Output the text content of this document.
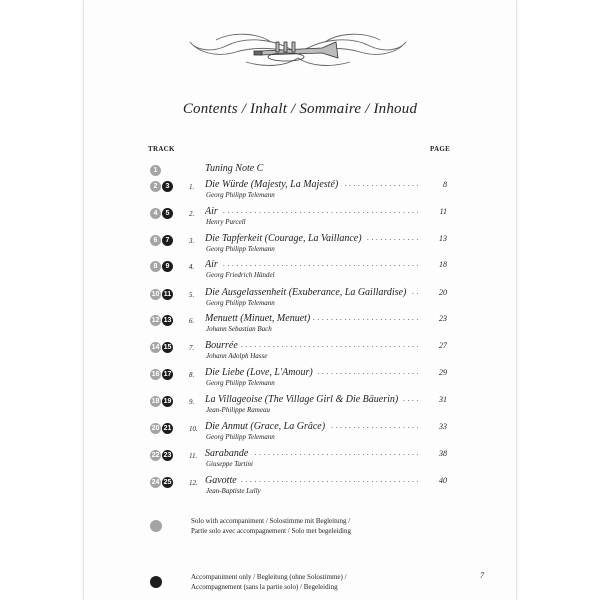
Contents / Inhalt / Sommaire / Inhoud
TRACK	PAGE
1	Tuning Note C
2	3	1. Die Würde (Majesty, La Majesté) . . .	8
Georg Philipp Telemann
4	5	2. Air . . .	11
Henry Purcell
6	7	3. Die Tapferkeit (Courage, La Vaillance) . . .	13
Georg Philipp Telemann
8	9	4. Air . . .	18
Georg Friedrich Händel
10 11	5. Die Ausgelassenheit (Exuberance, La Gaillardise) . . .	20
Georg Philipp Telemann
12 13	6. Menuett (Minuet, Menuet) . . .	23
Johann Sebastian Bach
14 15	7. Bourrée . . .	27
Johann Adolph Hasse
16 17	8. Die Liebe (Love, L'Amour) . . .	29
Georg Philipp Telemann
18 19	9. La Villageoise (The Village Girl & Die Bäuerin) . . .	31
Jean-Philippe Rameau
20 21	10. Die Anmut (Grace, La Grâce) . . .	33
Georg Philipp Telemann
22 23	11. Sarabande . . .	38
Giuseppe Tartini
24 25	12. Gavotte . . .	40
Jean-Baptiste Lully
Solo with accompaniment / Solostimme mit Begleitung /
Partie solo avec accompagnement / Solo met begeleiding
Accompaniment only / Begleitung (ohne Solostimme) /
Accompagnement (sans la partie solo) / Begeleiding
7
